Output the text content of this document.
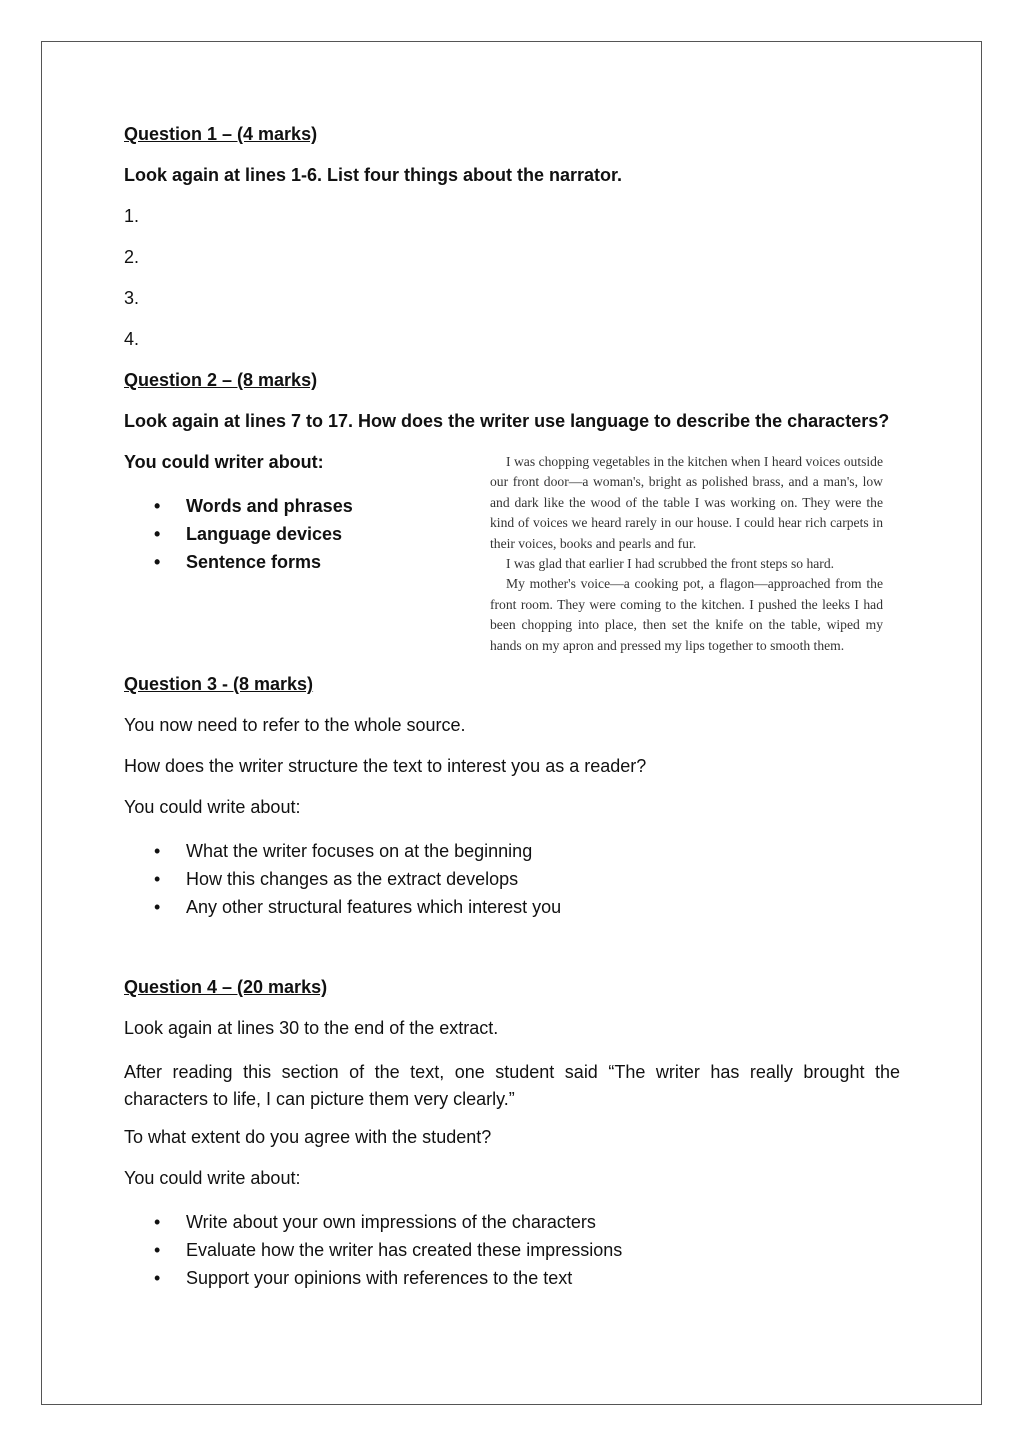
Question 1 – (4 marks)
Look again at lines 1-6. List four things about the narrator.
1.
2.
3.
4.
Question 2 – (8 marks)
Look again at lines 7 to 17. How does the writer use language to describe the characters?
You could writer about:
• Words and phrases
• Language devices
• Sentence forms

I was chopping vegetables in the kitchen when I heard voices outside our front door—a woman's, bright as polished brass, and a man's, low and dark like the wood of the table I was working on. They were the kind of voices we heard rarely in our house. I could hear rich carpets in their voices, books and pearls and fur.

I was glad that earlier I had scrubbed the front steps so hard.

My mother's voice—a cooking pot, a flagon—approached from the front room. They were coming to the kitchen. I pushed the leeks I had been chopping into place, then set the knife on the table, wiped my hands on my apron and pressed my lips together to smooth them.

Question 3 - (8 marks)
You now need to refer to the whole source.
How does the writer structure the text to interest you as a reader?
You could write about:
• What the writer focuses on at the beginning
• How this changes as the extract develops
• Any other structural features which interest you
Question 4 – (20 marks)
Look again at lines 30 to the end of the extract.
After reading this section of the text, one student said “The writer has really brought the characters to life, I can picture them very clearly.”
To what extent do you agree with the student?
You could write about:
• Write about your own impressions of the characters
• Evaluate how the writer has created these impressions
• Support your opinions with references to the text
